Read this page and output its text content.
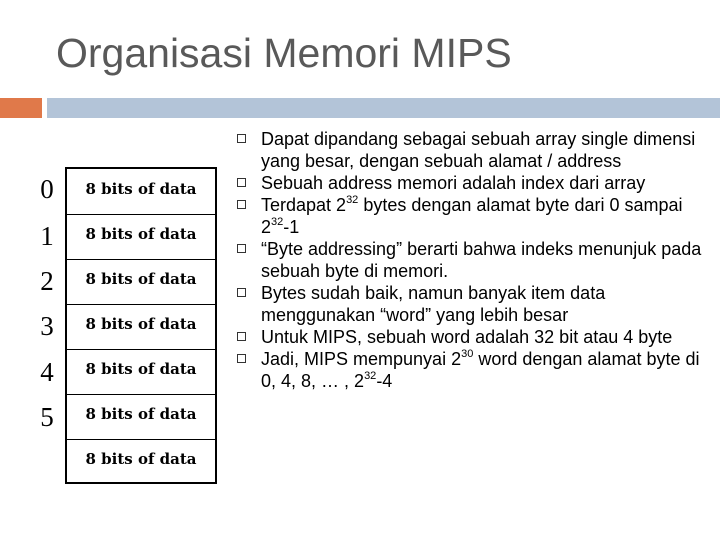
Organisasi Memori MIPS
0
1
2
3
4
5
8 bits of data
8 bits of data
8 bits of data
8 bits of data
8 bits of data
8 bits of data
8 bits of data
Dapat dipandang sebagai sebuah array single dimensi yang besar, dengan sebuah alamat / address
Sebuah address memori adalah index dari array
Terdapat $2^{32}$ bytes dengan alamat byte dari 0 sampai $2^{32}-1$
“Byte addressing” berarti bahwa indeks menunjuk pada sebuah byte di memori.
Bytes sudah baik, namun banyak item data menggunakan “word” yang lebih besar
Untuk MIPS, sebuah word adalah 32 bit atau 4 byte
Jadi, MIPS mempunyai $2^{30}$ word dengan alamat byte di 0, 4, 8, … , $2^{32}-4$
